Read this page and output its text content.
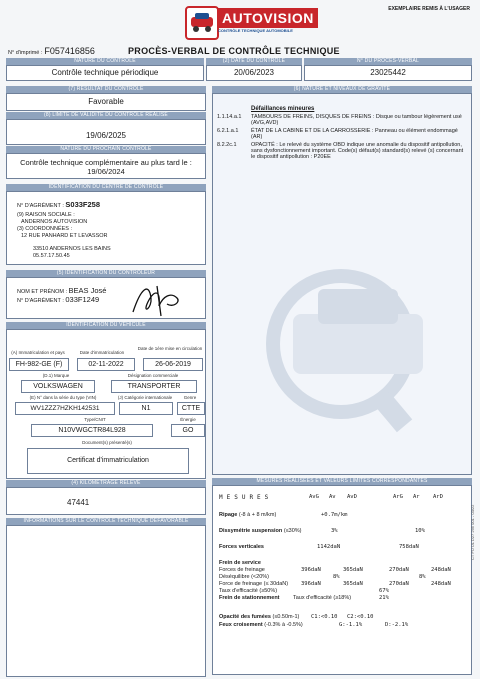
AUTOVISION
CONTRÔLE TECHNIQUE AUTOMOBILE
EXEMPLAIRE REMIS À L'USAGER
N° d'imprimé : F057416856	PROCÈS-VERBAL DE CONTRÔLE TECHNIQUE
NATURE DU CONTRÔLE
Contrôle technique périodique
(2) DATE DU CONTRÔLE
20/06/2023
N° DU PROCÈS-VERBAL
23025442
(7) RÉSULTAT DU CONTRÔLE
Favorable
(8) LIMITE DE VALIDITÉ DU CONTRÔLE RÉALISÉ
19/06/2025
NATURE DU PROCHAIN CONTRÔLE
Contrôle technique complémentaire au plus tard le :
19/06/2024
IDENTIFICATION DU CENTRE DE CONTRÔLE
N° D'AGRÉMENT : S033F258
(9) RAISON SOCIALE :
ANDERNOS AUTOVISION
(3) COORDONNÉES :
12 RUE PANHARD ET LEVASSOR
33510 ANDERNOS LES BAINS
05.57.17.50.45
(5) IDENTIFICATION DU CONTRÔLEUR
NOM ET PRÉNOM : BEAS José
N° D'AGRÉMENT : 033F1249
IDENTIFICATION DU VÉHICULE
(A) Immatriculation et pays	Date d'immatriculation
Date de 1ère mise en circulation
FH-982-GE (F)	02-11-2022	26-06-2019
(D.1) Marque	Désignation commerciale
VOLKSWAGEN	TRANSPORTER
(E) N° dans la série du type (VIN)	(J) Catégorie internationale	Genre
WV1ZZZ7HZKH142531	N1	CTTE
Type/CNIT	Énergie
N10VWGCTR84L928	GO
Document(s) présenté(s)
Certificat d'immatriculation
(4) KILOMÉTRAGE RELEVÉ
47441
INFORMATIONS SUR LE CONTRÔLE TECHNIQUE DÉFAVORABLE
(6) NATURE ET NIVEAUX DE GRAVITÉ
Défaillances mineures
1.1.14.a.1	TAMBOURS DE FREINS, DISQUES DE FREINS : Disque ou tambour légèrement usé (AVG,AVD)
6.2.1.a.1	ÉTAT DE LA CABINE ET DE LA CARROSSERIE : Panneau ou élément endommagé (AR)
8.2.2c.1	OPACITÉ : Le relevé du système OBD indique une anomalie du dispositif antipollution, sans dysfonctionnement important. Code(s) défaut(s) standard(s) relevé (s) concernant le dispositif antipollution : P20EE
MESURES RÉALISÉES ET VALEURS LIMITES CORRESPONDANTES
MESURES	AvG Av AvD	ArG Ar ArD
Ripage (-8 à + 8 m/km)	+0.7m/km
Dissymétrie suspension (≤30%)	3%	10%
Forces verticales	1142daN	758daN
Frein de service
Forces de freinage	396daN	365daN	270daN	248daN
Déséquilibre (<20%)	8%	8%
Force de freinage (≤ 30daN) 396daN	365daN	270daN	248daN
Taux d'efficacité (≥50%)	67%
Frein de stationnement Taux d'efficacité (≥18%)	21%
Opacité des fumées (≤0.50m-1) C1:<0.10 C2:<0.10
Feux croisement (-0.3% à -0.5%)	G:-1.1%	D:-2.1%
CT FU UL D27 295 001 - 03/22
